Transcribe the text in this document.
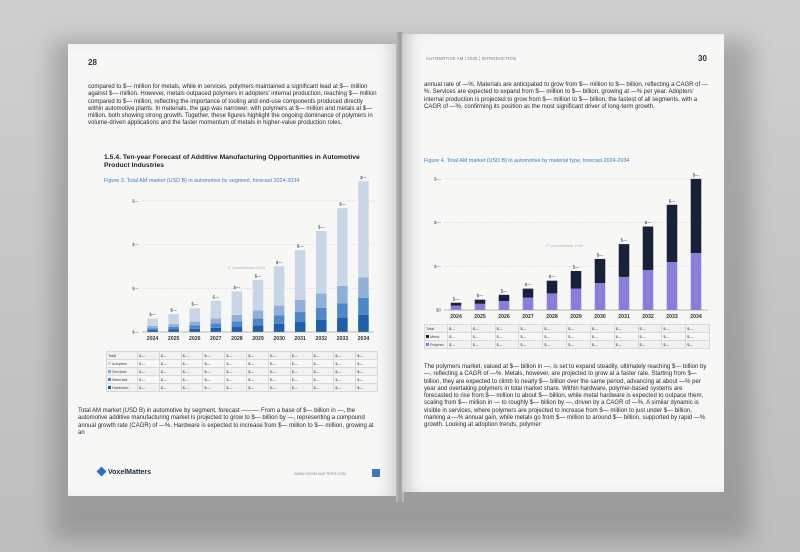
28

compared to $— million for metals, while in services, polymers maintained a significant lead at $— million against $— million. However, metals outpaced polymers in adopters' internal production, reaching $— million compared to $— million, reflecting the importance of tooling and end-use components produced directly within automotive plants. In materials, the gap was narrower, with polymers at $— million and metals at $— million, both showing strong growth. Together, these figures highlight the ongoing dominance of polymers in volume-driven applications and the faster momentum of metals in higher-value production roles.

1.5.4. Ten-year Forecast of Additive Manufacturing Opportunities in Automotive Product Industries

Figure 3. Total AM market (USD B) in automotive by segment, forecast 2024-2034
$—
$—
$—
$—
© VoxelMatters 2025
$—
2024
$—
2025
$—
2026
$—
2027
$—
2028
$—
2029
$—
2030
$—
2031
$—
2032
$—
2033
$—
2034
Total	$—	$—	$—	$—	$—	$—	$—	$—	$—	$—	$—
Adopters	$—	$—	$—	$—	$—	$—	$—	$—	$—	$—	$—
Services	$—	$—	$—	$—	$—	$—	$—	$—	$—	$—	$—
Materials	$—	$—	$—	$—	$—	$—	$—	$—	$—	$—	$—
Hardware	$—	$—	$—	$—	$—	$—	$—	$—	$—	$—	$—

Total AM market (USD B) in automotive by segment, forecast ——— From a base of $— billion in —, the automotive additive manufacturing market is projected to grow to $— billion by —, representing a compound annual growth rate (CAGR) of —%. Hardware is expected to increase from $— million to $— million, growing at an

VoxelMatters	WWW.VOXELMATTERS.COM
AUTOMOTIVE AM | 2025 | INTRODUCTION	30

annual rate of —%. Materials are anticipated to grow from $— million to $— billion, reflecting a CAGR of —%. Services are expected to expand from $— million to $— billion, growing at —% per year. Adopters' internal production is projected to grow from $— million to $— billion, the fastest of all segments, with a CAGR of —%, confirming its position as the most significant driver of long-term growth.

Figure 4. Total AM market (USD B) in automotive by material type, forecast 2024-2034
$0
$—
$—
$—
© VoxelMatters 2025
$—
2024
$—
2025
$—
2026
$—
2027
$—
2028
$—
2029
$—
2030
$—
2031
$—
2032
$—
2033
$—
2034
Total	$—	$—	$—	$—	$—	$—	$—	$—	$—	$—	$—
Metal	$—	$—	$—	$—	$—	$—	$—	$—	$—	$—	$—
Polymer	$—	$—	$—	$—	$—	$—	$—	$—	$—	$—	$—

The polymers market, valued at $— billion in —, is set to expand steadily, ultimately reaching $— billion by —, reflecting a CAGR of —%. Metals, however, are projected to grow at a faster rate. Starting from $— billion, they are expected to climb to nearly $— billion over the same period, advancing at about —% per year and overtaking polymers in total market share. Within hardware, polymer-based systems are forecasted to rise from $— million to about $— billion, while metal hardware is expected to outpace them, scaling from $— million in — to roughly $— billion by —, driven by a CAGR of —%. A similar dynamic is visible in services, where polymers are projected to increase from $— million to just under $— billion, marking a —% annual gain, while metals go from $— million to around $— billion, supported by rapid —% growth. Looking at adoption trends, polymer
